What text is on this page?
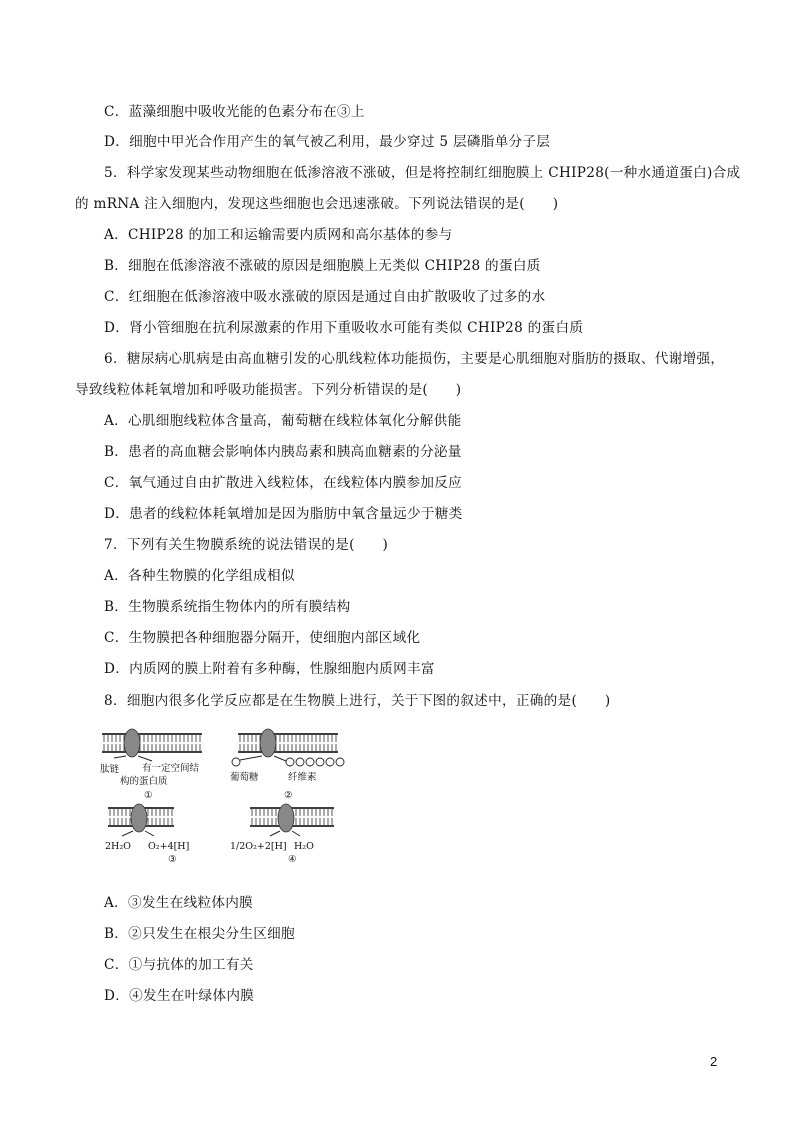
C．蓝藻细胞中吸收光能的色素分布在③上
D．细胞中甲光合作用产生的氧气被乙利用，最少穿过 5 层磷脂单分子层
5．科学家发现某些动物细胞在低渗溶液不涨破，但是将控制红细胞膜上 CHIP28(一种水通道蛋白)合成
的 mRNA 注入细胞内，发现这些细胞也会迅速涨破。下列说法错误的是(　　)
A．CHIP28 的加工和运输需要内质网和高尔基体的参与
B．细胞在低渗溶液不涨破的原因是细胞膜上无类似 CHIP28 的蛋白质
C．红细胞在低渗溶液中吸水涨破的原因是通过自由扩散吸收了过多的水
D．肾小管细胞在抗利尿激素的作用下重吸收水可能有类似 CHIP28 的蛋白质
6．糖尿病心肌病是由高血糖引发的心肌线粒体功能损伤，主要是心肌细胞对脂肪的摄取、代谢增强，
导致线粒体耗氧增加和呼吸功能损害。下列分析错误的是(　　)
A．心肌细胞线粒体含量高，葡萄糖在线粒体氧化分解供能
B．患者的高血糖会影响体内胰岛素和胰高血糖素的分泌量
C．氧气通过自由扩散进入线粒体，在线粒体内膜参加反应
D．患者的线粒体耗氧增加是因为脂肪中氧含量远少于糖类
7．下列有关生物膜系统的说法错误的是(　　)
A．各种生物膜的化学组成相似
B．生物膜系统指生物体内的所有膜结构
C．生物膜把各种细胞器分隔开，使细胞内部区域化
D．内质网的膜上附着有多种酶，性腺细胞内质网丰富
8．细胞内很多化学反应都是在生物膜上进行，关于下图的叙述中，正确的是(　　)
肽链 有一定空间结
构的蛋白质
①
葡萄糖	纤维素
②
2H₂O O₂+4[H]
③
1/2O₂+2[H] H₂O
④
A．③发生在线粒体内膜
B．②只发生在根尖分生区细胞
C．①与抗体的加工有关
D．④发生在叶绿体内膜
2
